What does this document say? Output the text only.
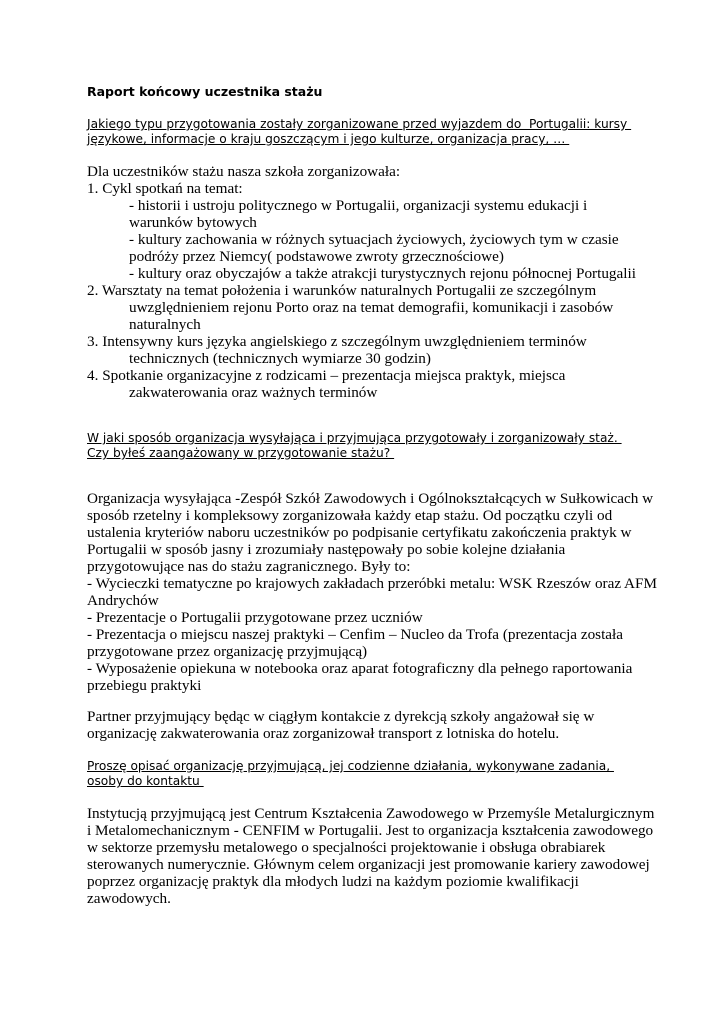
Raport końcowy uczestnika stażu
Jakiego typu przygotowania zostały zorganizowane przed wyjazdem do  Portugalii: kursy
językowe, informacje o kraju goszczącym i jego kulturze, organizacja pracy, …
Dla uczestników stażu nasza szkoła zorganizowała:
1. Cykl spotkań na temat:
- historii i ustroju politycznego w Portugalii, organizacji systemu edukacji i
warunków bytowych
- kultury zachowania w różnych sytuacjach życiowych, życiowych tym w czasie
podróży przez Niemcy( podstawowe zwroty grzecznościowe)
- kultury oraz obyczajów a także atrakcji turystycznych rejonu północnej Portugalii
2. Warsztaty na temat położenia i warunków naturalnych Portugalii ze szczególnym
uwzględnieniem rejonu Porto oraz na temat demografii, komunikacji i zasobów
naturalnych
3. Intensywny kurs języka angielskiego z szczególnym uwzględnieniem terminów
technicznych (technicznych wymiarze 30 godzin)
4. Spotkanie organizacyjne z rodzicami – prezentacja miejsca praktyk, miejsca
zakwaterowania oraz ważnych terminów
W jaki sposób organizacja wysyłająca i przyjmująca przygotowały i zorganizowały staż.
Czy byłeś zaangażowany w przygotowanie stażu?
Organizacja wysyłająca -Zespół Szkół Zawodowych i Ogólnokształcących w Sułkowicach w
sposób rzetelny i kompleksowy zorganizowała każdy etap stażu. Od początku czyli od
ustalenia kryteriów naboru uczestników po podpisanie certyfikatu zakończenia praktyk w
Portugalii w sposób jasny i zrozumiały następowały po sobie kolejne działania
przygotowujące nas do stażu zagranicznego. Były to:
- Wycieczki tematyczne po krajowych zakładach przeróbki metalu: WSK Rzeszów oraz AFM
Andrychów
- Prezentacje o Portugalii przygotowane przez uczniów
- Prezentacja o miejscu naszej praktyki – Cenfim – Nucleo da Trofa (prezentacja została
przygotowane przez organizację przyjmującą)
- Wyposażenie opiekuna w notebooka oraz aparat fotograficzny dla pełnego raportowania
przebiegu praktyki
Partner przyjmujący będąc w ciągłym kontakcie z dyrekcją szkoły angażował się w
organizację zakwaterowania oraz zorganizował transport z lotniska do hotelu.
Proszę opisać organizację przyjmującą, jej codzienne działania, wykonywane zadania,
osoby do kontaktu
Instytucją przyjmującą jest Centrum Kształcenia Zawodowego w Przemyśle Metalurgicznym
i Metalomechanicznym - CENFIM w Portugalii. Jest to organizacja kształcenia zawodowego
w sektorze przemysłu metalowego o specjalności projektowanie i obsługa obrabiarek
sterowanych numerycznie. Głównym celem organizacji jest promowanie kariery zawodowej
poprzez organizację praktyk dla młodych ludzi na każdym poziomie kwalifikacji
zawodowych.
